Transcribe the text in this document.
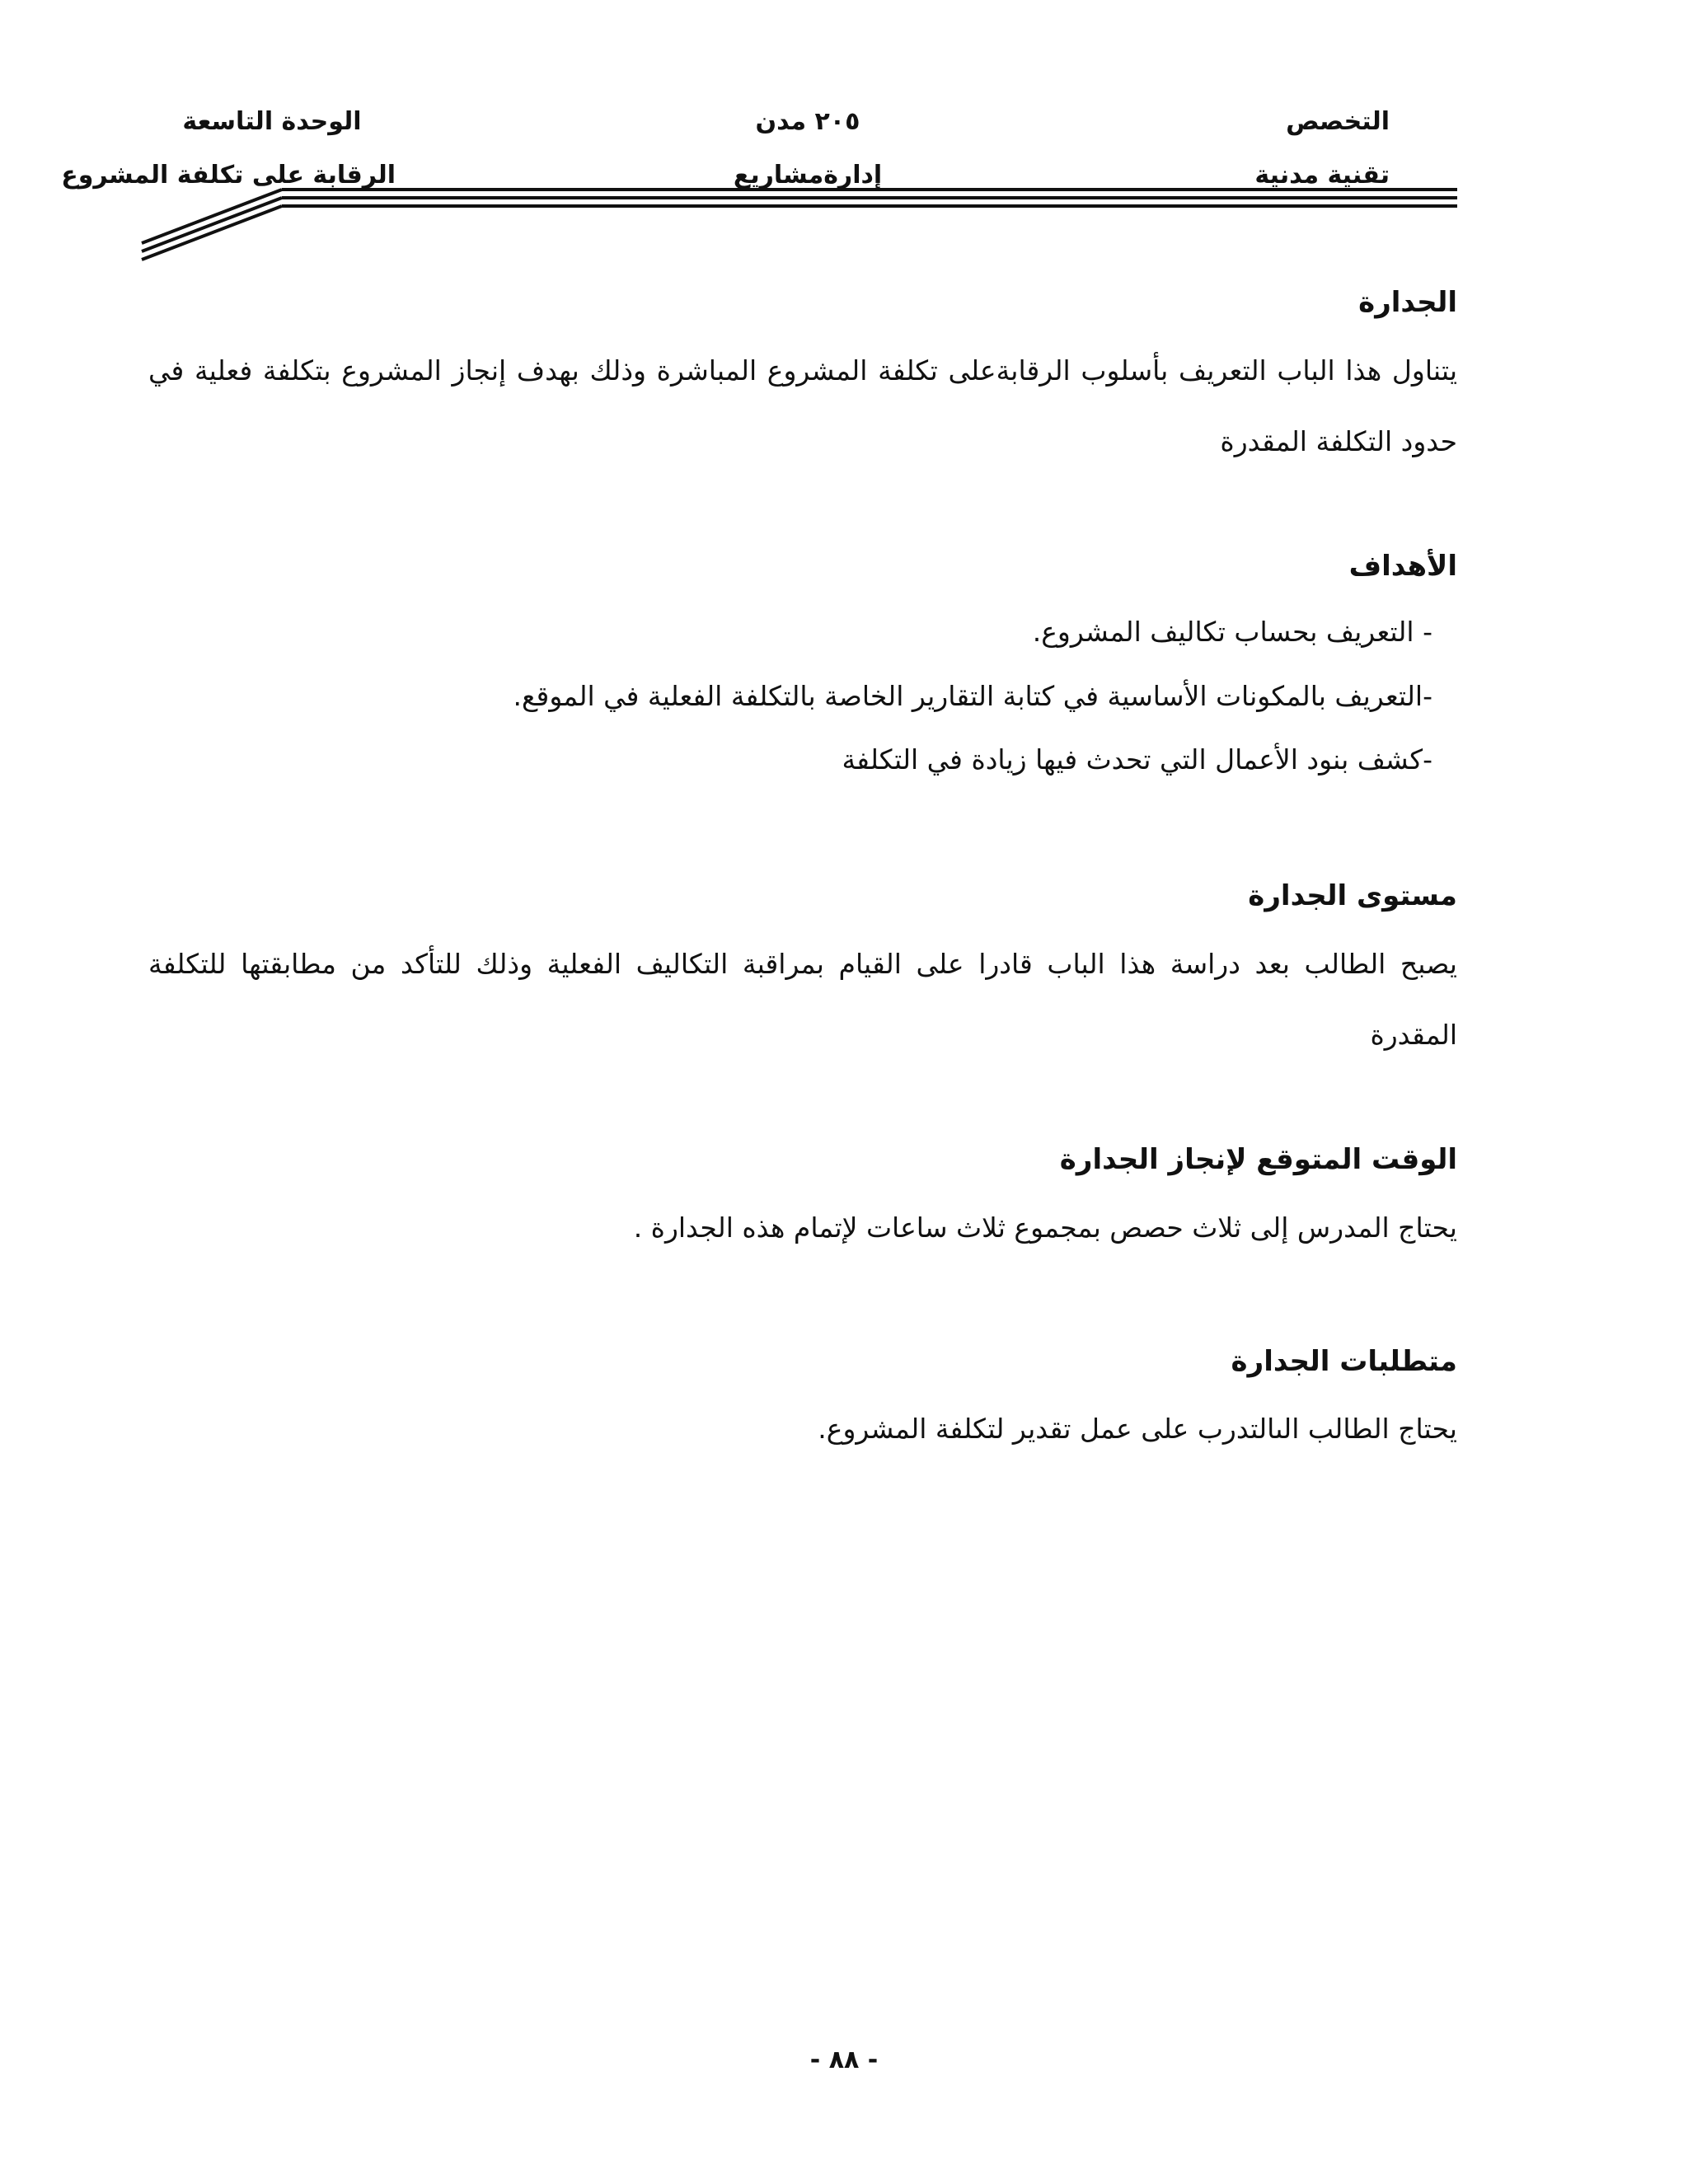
التخصص
تقنية مدنية
٢٠٥ مدن
إدارةمشاريع
الوحدة التاسعة
الرقابة على تكلفة المشروع
الجدارة
يتناول هذا الباب التعريف بأسلوب الرقابةعلى تكلفة المشروع المباشرة وذلك بهدف إنجاز المشروع بتكلفة فعلية في حدود التكلفة المقدرة
الأهداف
- التعريف بحساب تكاليف المشروع.
-التعريف بالمكونات الأساسية في كتابة التقارير الخاصة بالتكلفة الفعلية في الموقع.
-كشف بنود الأعمال التي تحدث فيها زيادة في التكلفة
مستوى الجدارة
يصبح الطالب بعد دراسة هذا الباب قادرا على القيام بمراقبة التكاليف الفعلية وذلك للتأكد من مطابقتها للتكلفة المقدرة
الوقت المتوقع لإنجاز الجدارة
يحتاج المدرس إلى ثلاث حصص بمجموع ثلاث ساعات لإتمام هذه الجدارة .
متطلبات الجدارة
يحتاج الطالب الىالتدرب على عمل تقدير لتكلفة المشروع.
- ٨٨ -
